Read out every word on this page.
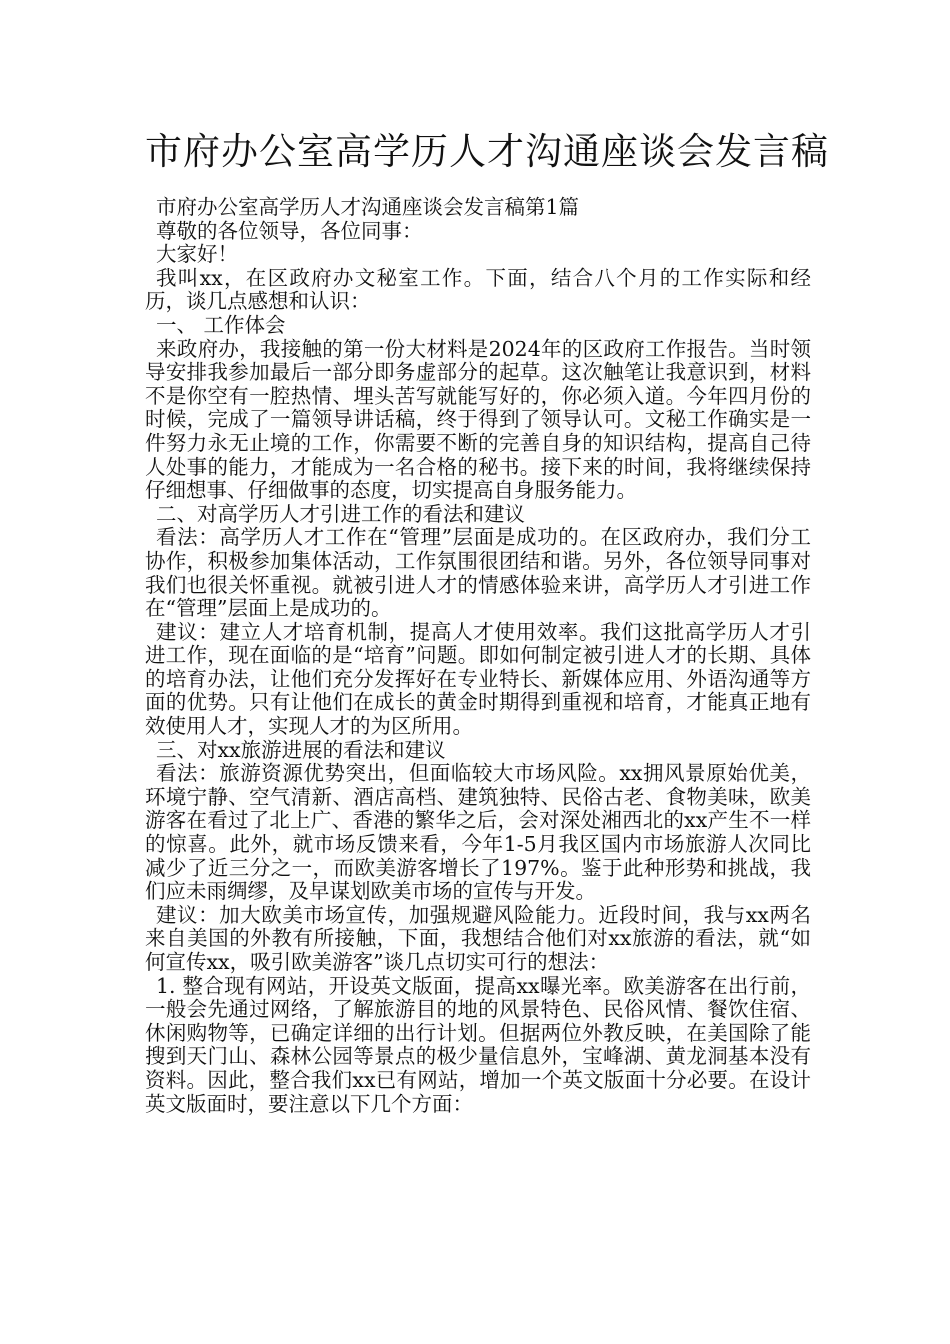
市府办公室高学历人才沟通座谈会发言稿

市府办公室高学历人才沟通座谈会发言稿第1篇

尊敬的各位领导，各位同事：

大家好！

我叫xx，在区政府办文秘室工作。下面，结合八个月的工作实际和经历，谈几点感想和认识：

一、 工作体会

来政府办，我接触的第一份大材料是2024年的区政府工作报告。当时领导安排我参加最后一部分即务虚部分的起草。这次触笔让我意识到，材料不是你空有一腔热情、埋头苦写就能写好的，你必须入道。今年四月份的时候，完成了一篇领导讲话稿，终于得到了领导认可。文秘工作确实是一件努力永无止境的工作，你需要不断的完善自身的知识结构，提高自己待人处事的能力，才能成为一名合格的秘书。接下来的时间，我将继续保持仔细想事、仔细做事的态度，切实提高自身服务能力。

二、对高学历人才引进工作的看法和建议

看法：高学历人才工作在“管理”层面是成功的。在区政府办，我们分工协作，积极参加集体活动，工作氛围很团结和谐。另外，各位领导同事对我们也很关怀重视。就被引进人才的情感体验来讲，高学历人才引进工作在“管理”层面上是成功的。

建议：建立人才培育机制，提高人才使用效率。我们这批高学历人才引进工作，现在面临的是“培育”问题。即如何制定被引进人才的长期、具体的培育办法，让他们充分发挥好在专业特长、新媒体应用、外语沟通等方面的优势。只有让他们在成长的黄金时期得到重视和培育，才能真正地有效使用人才，实现人才的为区所用。

三、对xx旅游进展的看法和建议

看法：旅游资源优势突出，但面临较大市场风险。xx拥风景原始优美，环境宁静、空气清新、酒店高档、建筑独特、民俗古老、食物美味，欧美游客在看过了北上广、香港的繁华之后，会对深处湘西北的xx产生不一样的惊喜。此外，就市场反馈来看，今年1-5月我区国内市场旅游人次同比减少了近三分之一，而欧美游客增长了197%。鉴于此种形势和挑战，我们应未雨绸缪，及早谋划欧美市场的宣传与开发。

建议：加大欧美市场宣传，加强规避风险能力。近段时间，我与xx两名来自美国的外教有所接触，下面，我想结合他们对xx旅游的看法，就“如何宣传xx，吸引欧美游客”谈几点切实可行的想法：

1. 整合现有网站，开设英文版面，提高xx曝光率。欧美游客在出行前，一般会先通过网络，了解旅游目的地的风景特色、民俗风情、餐饮住宿、休闲购物等，已确定详细的出行计划。但据两位外教反映，在美国除了能搜到天门山、森林公园等景点的极少量信息外，宝峰湖、黄龙洞基本没有资料。因此，整合我们xx已有网站，增加一个英文版面十分必要。在设计英文版面时，要注意以下几个方面：
